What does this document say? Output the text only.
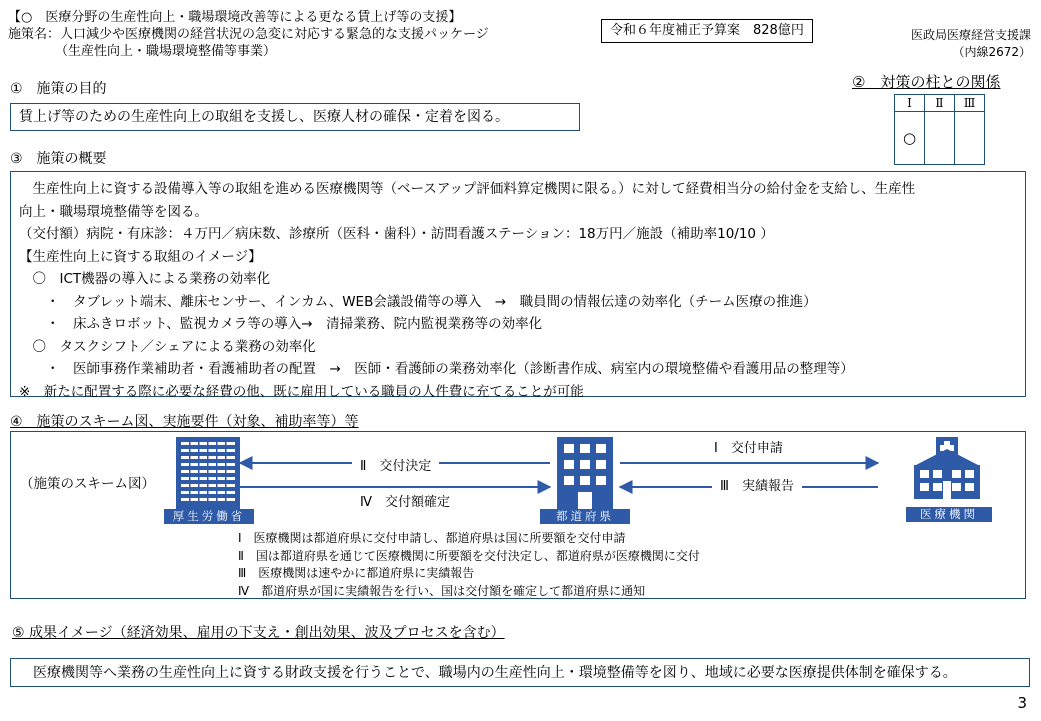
【○　医療分野の生産性向上・職場環境改善等による更なる賃上げ等の支援】
施策名：人口減少や医療機関の経営状況の急変に対応する緊急的な支援パッケージ
（生産性向上・職場環境整備等事業）
令和６年度補正予算案　828億円	医政局医療経営支援課
（内線2672）
①　施策の目的
賃上げ等のための生産性向上の取組を支援し、医療人材の確保・定着を図る。
②　対策の柱との関係
Ⅰ	Ⅱ	Ⅲ
○		
③　施策の概要
　生産性向上に資する設備導入等の取組を進める医療機関等（ベースアップ評価料算定機関に限る。）に対して経費相当分の給付金を支給し、生産性
向上・職場環境整備等を図る。
（交付額）病院・有床診：４万円／病床数、診療所（医科・歯科）・訪問看護ステーション：18万円／施設（補助率10/10 ）
【生産性向上に資する取組のイメージ】
　〇　ICT機器の導入による業務の効率化
　　・　タブレット端末、離床センサー、インカム、WEB会議設備等の導入　→　職員間の情報伝達の効率化（チーム医療の推進）
　　・　床ふきロボット、監視カメラ等の導入→　清掃業務、院内監視業務等の効率化
　〇　タスクシフト／シェアによる業務の効率化
　　・　医師事務作業補助者・看護補助者の配置　→　医師・看護師の業務効率化（診断書作成、病室内の環境整備や看護用品の整理等）
※　新たに配置する際に必要な経費の他、既に雇用している職員の人件費に充てることが可能
④　施策のスキーム図、実施要件（対象、補助率等）等
（施策のスキーム図）
厚生労働省	都道府県	医療機関
Ⅰ　交付申請
Ⅱ　交付決定
Ⅲ　実績報告
Ⅳ　交付額確定
Ⅰ　医療機関は都道府県に交付申請し、都道府県は国に所要額を交付申請
Ⅱ　国は都道府県を通じて医療機関に所要額を交付決定し、都道府県が医療機関に交付
Ⅲ　医療機関は速やかに都道府県に実績報告
Ⅳ　都道府県が国に実績報告を行い、国は交付額を確定して都道府県に通知
⑤ 成果イメージ（経済効果、雇用の下支え・創出効果、波及プロセスを含む）
医療機関等へ業務の生産性向上に資する財政支援を行うことで、職場内の生産性向上・環境整備等を図り、地域に必要な医療提供体制を確保する。
3
